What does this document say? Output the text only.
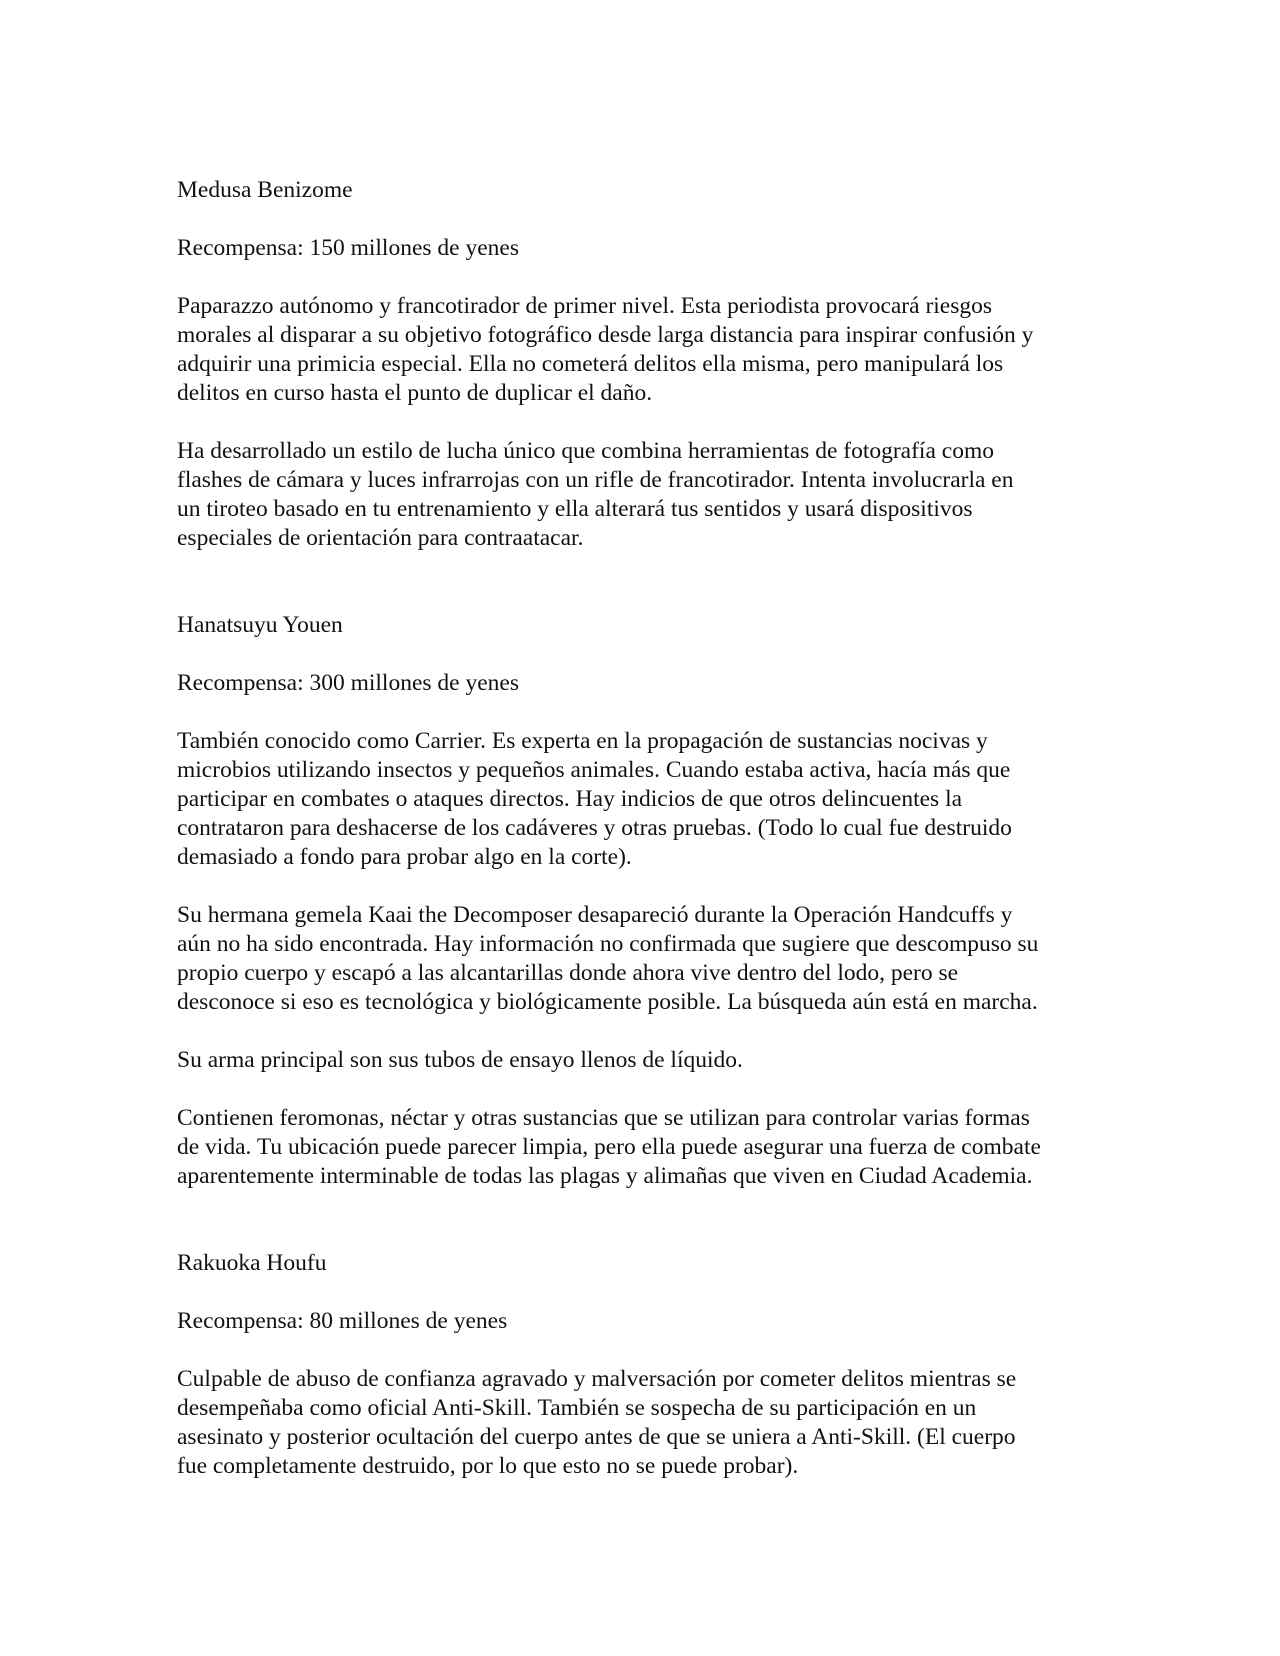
Medusa Benizome
Recompensa: 150 millones de yenes
Paparazzo autónomo y francotirador de primer nivel. Esta periodista provocará riesgos
morales al disparar a su objetivo fotográfico desde larga distancia para inspirar confusión y
adquirir una primicia especial. Ella no cometerá delitos ella misma, pero manipulará los
delitos en curso hasta el punto de duplicar el daño.
Ha desarrollado un estilo de lucha único que combina herramientas de fotografía como
flashes de cámara y luces infrarrojas con un rifle de francotirador. Intenta involucrarla en
un tiroteo basado en tu entrenamiento y ella alterará tus sentidos y usará dispositivos
especiales de orientación para contraatacar.
Hanatsuyu Youen
Recompensa: 300 millones de yenes
También conocido como Carrier. Es experta en la propagación de sustancias nocivas y
microbios utilizando insectos y pequeños animales. Cuando estaba activa, hacía más que
participar en combates o ataques directos. Hay indicios de que otros delincuentes la
contrataron para deshacerse de los cadáveres y otras pruebas. (Todo lo cual fue destruido
demasiado a fondo para probar algo en la corte).
Su hermana gemela Kaai the Decomposer desapareció durante la Operación Handcuffs y
aún no ha sido encontrada. Hay información no confirmada que sugiere que descompuso su
propio cuerpo y escapó a las alcantarillas donde ahora vive dentro del lodo, pero se
desconoce si eso es tecnológica y biológicamente posible. La búsqueda aún está en marcha.
Su arma principal son sus tubos de ensayo llenos de líquido.
Contienen feromonas, néctar y otras sustancias que se utilizan para controlar varias formas
de vida. Tu ubicación puede parecer limpia, pero ella puede asegurar una fuerza de combate
aparentemente interminable de todas las plagas y alimañas que viven en Ciudad Academia.
Rakuoka Houfu
Recompensa: 80 millones de yenes
Culpable de abuso de confianza agravado y malversación por cometer delitos mientras se
desempeñaba como oficial Anti-Skill. También se sospecha de su participación en un
asesinato y posterior ocultación del cuerpo antes de que se uniera a Anti-Skill. (El cuerpo
fue completamente destruido, por lo que esto no se puede probar).
